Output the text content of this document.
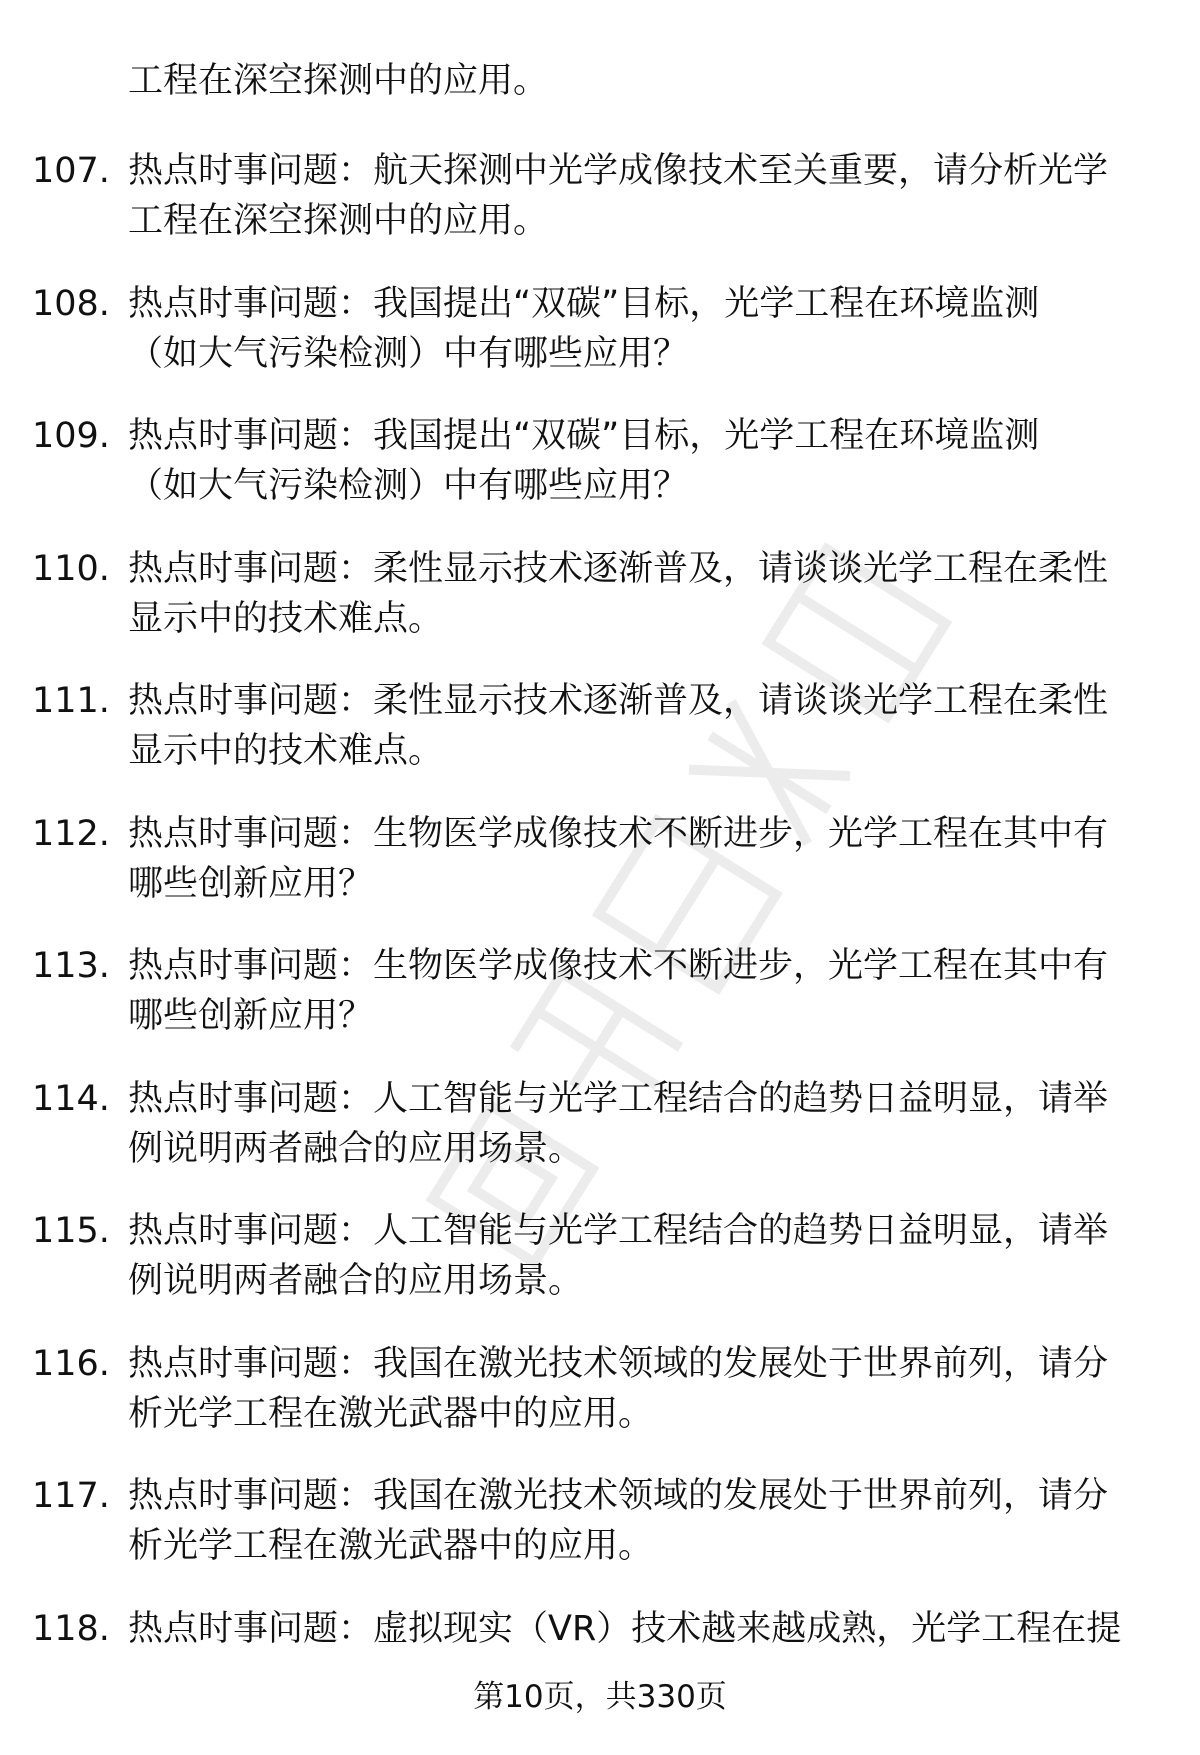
工程在深空探测中的应用。
107. 热点时事问题：航天探测中光学成像技术至关重要，请分析光学
工程在深空探测中的应用。
108. 热点时事问题：我国提出“双碳”目标，光学工程在环境监测
（如大气污染检测）中有哪些应用？
109. 热点时事问题：我国提出“双碳”目标，光学工程在环境监测
（如大气污染检测）中有哪些应用？
110. 热点时事问题：柔性显示技术逐渐普及，请谈谈光学工程在柔性
显示中的技术难点。
111. 热点时事问题：柔性显示技术逐渐普及，请谈谈光学工程在柔性
显示中的技术难点。
112. 热点时事问题：生物医学成像技术不断进步，光学工程在其中有
哪些创新应用？
113. 热点时事问题：生物医学成像技术不断进步，光学工程在其中有
哪些创新应用？
114. 热点时事问题：人工智能与光学工程结合的趋势日益明显，请举
例说明两者融合的应用场景。
115. 热点时事问题：人工智能与光学工程结合的趋势日益明显，请举
例说明两者融合的应用场景。
116. 热点时事问题：我国在激光技术领域的发展处于世界前列，请分
析光学工程在激光武器中的应用。
117. 热点时事问题：我国在激光技术领域的发展处于世界前列，请分
析光学工程在激光武器中的应用。
118. 热点时事问题：虚拟现实（VR）技术越来越成熟，光学工程在提
第10页，共330页
